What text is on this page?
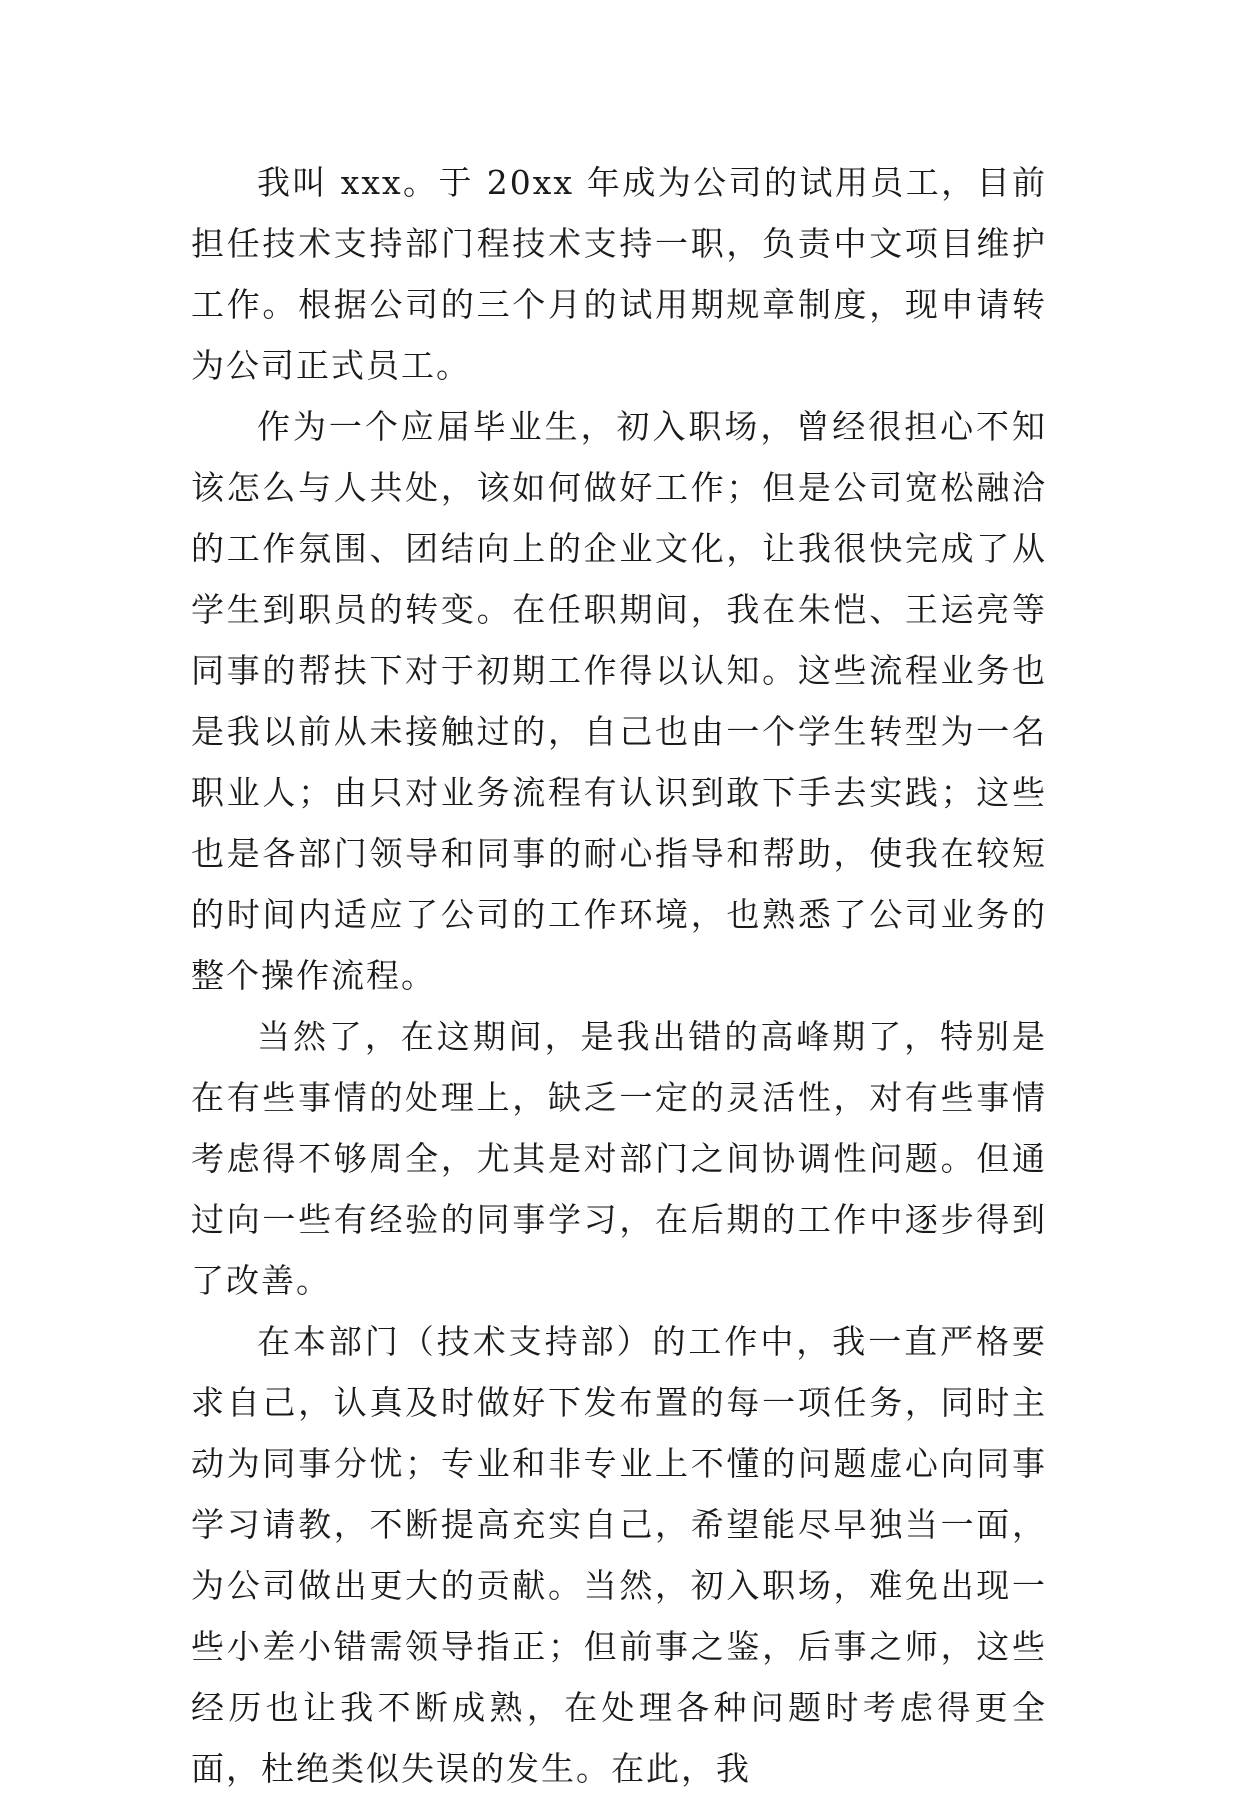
我叫 xxx。于 20xx 年成为公司的试用员工，目前担任技术支持部门程技术支持一职，负责中文项目维护工作。根据公司的三个月的试用期规章制度，现申请转为公司正式员工。

作为一个应届毕业生，初入职场，曾经很担心不知该怎么与人共处，该如何做好工作；但是公司宽松融洽的工作氛围、团结向上的企业文化，让我很快完成了从学生到职员的转变。在任职期间，我在朱恺、王运亮等同事的帮扶下对于初期工作得以认知。这些流程业务也是我以前从未接触过的，自己也由一个学生转型为一名职业人；由只对业务流程有认识到敢下手去实践；这些也是各部门领导和同事的耐心指导和帮助，使我在较短的时间内适应了公司的工作环境，也熟悉了公司业务的整个操作流程。

当然了，在这期间，是我出错的高峰期了，特别是在有些事情的处理上，缺乏一定的灵活性，对有些事情考虑得不够周全，尤其是对部门之间协调性问题。但通过向一些有经验的同事学习，在后期的工作中逐步得到了改善。

在本部门（技术支持部）的工作中，我一直严格要求自己，认真及时做好下发布置的每一项任务，同时主动为同事分忧；专业和非专业上不懂的问题虚心向同事学习请教，不断提高充实自己，希望能尽早独当一面，为公司做出更大的贡献。当然，初入职场，难免出现一些小差小错需领导指正；但前事之鉴，后事之师，这些经历也让我不断成熟，在处理各种问题时考虑得更全面，杜绝类似失误的发生。在此，我
